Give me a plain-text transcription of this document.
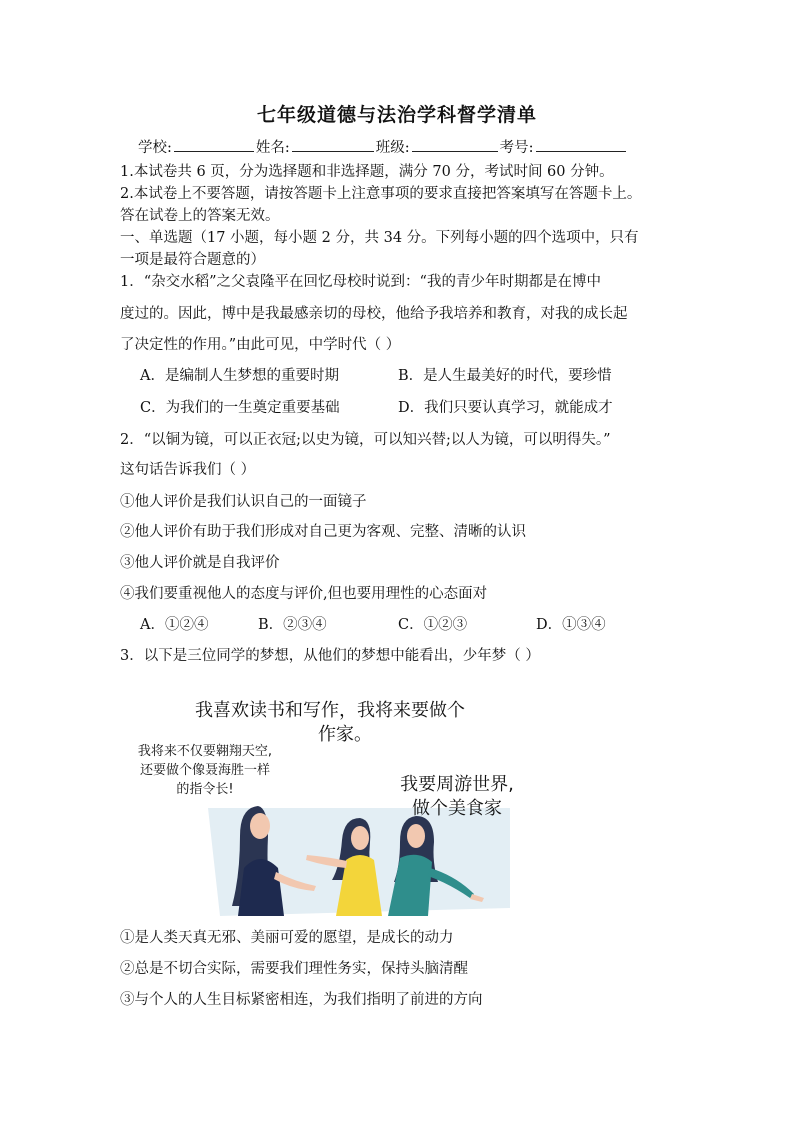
七年级道德与法治学科督学清单
学校:	姓名:	班级:	考号:
1.本试卷共 6 页，分为选择题和非选择题，满分 70 分，考试时间 60 分钟。
2.本试卷上不要答题，请按答题卡上注意事项的要求直接把答案填写在答题卡上。
答在试卷上的答案无效。
一、单选题（17 小题，每小题 2 分，共 34 分。下列每小题的四个选项中，只有
一项是最符合题意的）
1．“杂交水稻”之父袁隆平在回忆母校时说到：“我的青少年时期都是在博中
度过的。因此，博中是我最感亲切的母校，他给予我培养和教育，对我的成长起
了决定性的作用。”由此可见，中学时代（ ）
A．是编制人生梦想的重要时期	B．是人生最美好的时代，要珍惜
C．为我们的一生奠定重要基础	D．我们只要认真学习，就能成才
2．“以铜为镜，可以正衣冠;以史为镜，可以知兴替;以人为镜，可以明得失。”
这句话告诉我们（ ）
①他人评价是我们认识自己的一面镜子
②他人评价有助于我们形成对自己更为客观、完整、清晰的认识
③他人评价就是自我评价
④我们要重视他人的态度与评价,但也要用理性的心态面对
A．①②④	B．②③④	C．①②③	D．①③④
3．以下是三位同学的梦想，从他们的梦想中能看出，少年梦（ ）
我喜欢读书和写作，我将来要做个
作家。
我将来不仅要翱翔天空,
还要做个像聂海胜一样
的指令长!	我要周游世界,
做个美食家
①是人类天真无邪、美丽可爱的愿望，是成长的动力
②总是不切合实际，需要我们理性务实，保持头脑清醒
③与个人的人生目标紧密相连，为我们指明了前进的方向
